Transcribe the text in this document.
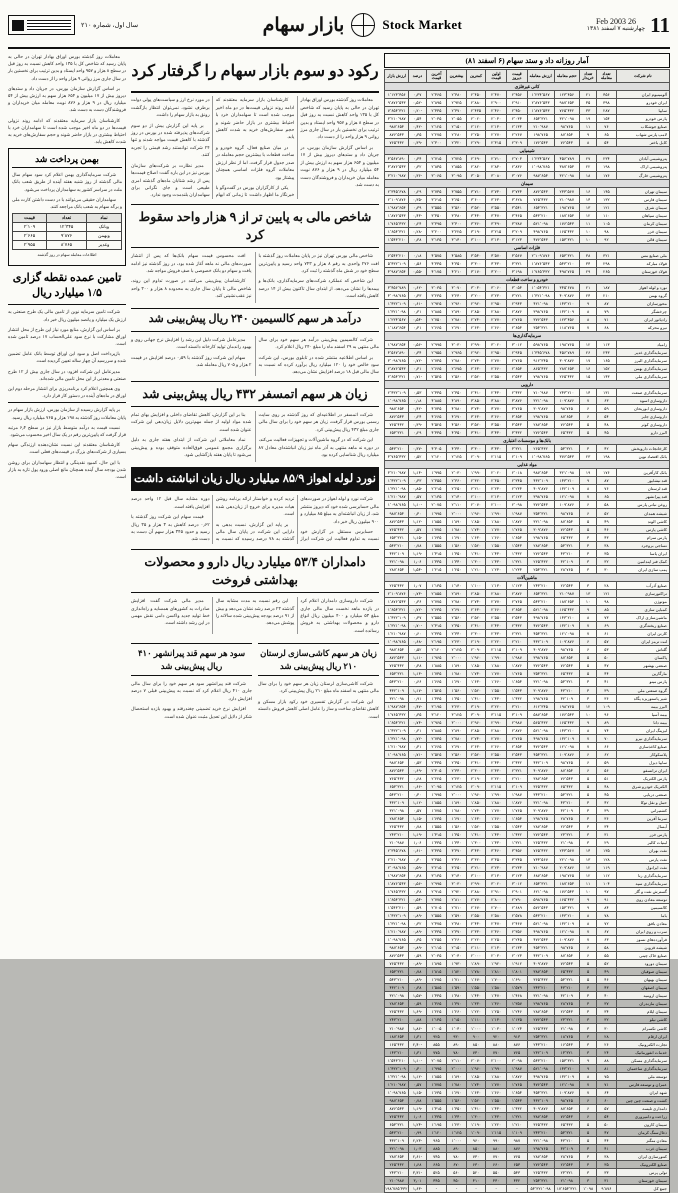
11
26 Feb 2003
چهارشنبه ۷ اسفند ۱۳۸۱
Stock Market
بازار سهام
سال اول، شماره ۲۱۰
آمار روزانه داد و ستد سهام (۶ اسفند ۸۱)
نام شرکت	تعداد معامله	تعداد خریدار	حجم معامله	ارزش معامله	قیمت دیروز	اولین قیمت	کمترین	بیشترین	آخرین قیمت	درصد	ارزش بازار
کانی غیرفلزی											
آلومینیوم ایران	۴۵۶	۲۱	۱۲۳٬۴۵۶	۱٬۲۳۴٬۵۶۷	۲٬۴۵۶	۲٬۴۷۰	۲٬۴۵۰	۲٬۴۸۰	۲٬۴۶۵	۰٫۳۷	۱٬۱۲۳٬۴۵۶
ایران خودرو	۳۹۸	۴۵	۹۸۷٬۶۵۴	۲٬۸۷۶٬۵۴۳	۲٬۹۱۰	۲٬۹۰۰	۲٬۸۸۰	۲٬۹۲۵	۲٬۸۹۵	-۰٫۵۲	۹٬۸۷۶٬۵۴۳
سایپا	۲۸۷	۳۳	۷۶۵٬۴۳۲	۱٬۸۷۶٬۵۴۳	۲٬۴۵۰	۲٬۴۶۰	۲٬۴۳۵	۲٬۴۷۰	۲٬۴۴۵	-۰٫۲۰	۷٬۶۵۴٬۳۲۱
پارس خودرو	۱۵۴	۱۹	۳۲۱٬۰۹۸	۶۵۴٬۳۲۱	۲٬۰۳۴	۲٬۰۴۰	۲٬۰۲۰	۲٬۰۵۵	۲٬۰۴۵	۰٫۵۴	۳٬۲۱۰٬۹۸۷
صنایع جوشکاب	۷۶	۱۱	۹۸٬۷۶۵	۲۱۰٬۹۸۷	۲٬۱۳۴	۲٬۱۴۰	۲٬۱۲۰	۲٬۱۵۰	۲٬۱۲۵	-۰٫۴۲	۹۸۷٬۶۵۴
لامپ پارس شهاب	۶۵	۹	۸۷٬۶۵۴	۱۹۸٬۷۶۵	۲٬۲۶۷	۲٬۲۷۰	۲٬۲۵۰	۲٬۲۸۰	۲٬۲۷۵	۰٫۳۵	۸۷۶٬۵۴۳
کابل باختر	۵۴	۸	۷۶٬۵۴۳	۱۷۶٬۵۴۳	۲٬۳۰۹	۲٬۳۱۵	۲٬۲۹۰	۲٬۳۲۰	۲٬۳۰۰	-۰٫۳۹	۷۶۵٬۴۳۲
شیمیایی											
پتروشیمی آبادان	۲۳۴	۲۷	۴۵۶٬۷۸۹	۱٬۲۳۴٬۵۶۷	۲٬۷۰۳	۲٬۷۱۰	۲٬۶۹۰	۲٬۷۲۵	۲٬۷۱۵	۰٫۴۴	۴٬۵۶۷٬۸۹۰
پتروشیمی اراک	۱۹۸	۲۲	۳۸۷٬۶۵۴	۱٬۰۹۸٬۷۶۵	۲٬۸۳۶	۲٬۸۴۰	۲٬۸۲۰	۲٬۸۵۵	۲٬۸۴۵	۰٫۳۲	۳٬۸۷۶٬۵۴۳
پتروشیمی خارگ	۱۷۶	۱۸	۳۲۱٬۰۹۸	۹۸۷٬۶۵۴	۳٬۰۷۶	۳٬۰۸۰	۳٬۰۵۰	۳٬۰۹۵	۳٬۰۶۵	-۰٫۳۶	۳٬۲۱۰٬۹۸۷
سیمان											
سیمان تهران	۱۴۵	۱۶	۲۳۴٬۵۶۷	۸۷۶٬۵۴۳	۳٬۷۳۴	۳٬۷۴۰	۳٬۷۱۰	۳٬۷۵۵	۳٬۷۴۵	۰٫۲۹	۲٬۳۴۵٬۶۷۸
سیمان فارس	۱۳۲	۱۴	۲۱۰٬۹۸۷	۷۶۵٬۴۳۲	۳٬۶۲۸	۳٬۶۳۰	۳٬۶۰۰	۳٬۶۵۰	۳٬۶۱۵	-۰٫۳۵	۲٬۱۰۹٬۸۷۶
سیمان شرق	۱۲۱	۱۳	۱۹۸٬۷۶۵	۶۵۴٬۳۲۱	۳٬۵۴۱	۳٬۵۵۰	۳٬۵۲۰	۳٬۵۶۰	۳٬۵۵۵	۰٫۳۹	۱٬۹۸۷٬۶۵۴
سیمان سپاهان	۱۱۰	۱۲	۱۸۷٬۶۵۴	۵۴۳٬۲۱۰	۳٬۴۶۵	۳٬۴۷۰	۳٬۴۴۰	۳٬۴۸۰	۳٬۴۵۰	-۰٫۴۳	۱٬۸۷۶٬۵۴۳
سیمان کرمان	۱۰۵	۱۱	۱۷۶٬۵۴۳	۵۲۱٬۰۹۸	۳٬۳۸۷	۳٬۳۹۰	۳٬۳۶۰	۳٬۴۰۰	۳٬۳۹۵	۰٫۲۴	۱٬۷۶۵٬۴۳۲
سیمان خزر	۹۸	۱۰	۱۶۵٬۴۳۲	۴۹۸٬۷۶۵	۳٬۲۰۹	۳٬۲۱۵	۳٬۱۹۰	۳٬۲۲۵	۳٬۲۰۰	-۰٫۲۸	۱٬۶۵۴٬۳۲۱
سیمان قائن	۹۲	۱۰	۱۵۴٬۳۲۱	۴۷۶٬۵۴۳	۳٬۱۲۳	۳٬۱۳۰	۳٬۱۰۰	۳٬۱۴۰	۳٬۱۳۵	۰٫۳۸	۱٬۵۴۳٬۲۱۰
فلزات اساسی											
ملی صنایع مس	۳۲۱	۳۸	۶۵۴٬۳۲۱	۲٬۱۰۹٬۸۷۶	۴٬۵۶۷	۴٬۵۷۰	۴٬۵۴۰	۴٬۵۸۵	۴٬۵۷۵	۰٫۱۸	۶٬۵۴۳٬۲۱۰
فولاد مبارکه	۲۹۸	۳۴	۵۴۳٬۲۱۰	۱٬۸۷۶٬۵۴۳	۴٬۳۲۱	۴٬۳۳۰	۴٬۳۰۰	۴٬۳۵۰	۴٬۳۴۵	۰٫۵۶	۵٬۴۳۲٬۱۰۹
فولاد خوزستان	۲۶۵	۲۹	۴۹۸٬۷۶۵	۱٬۷۶۵٬۴۳۲	۴٬۱۹۸	۴٬۲۰۰	۴٬۱۷۰	۴٬۲۱۰	۴٬۱۷۵	-۰٫۵۵	۴٬۹۸۷٬۶۵۴
خودرو و ساخت قطعات											
نورد و لوله اهواز	۱۸۷	۲۱	۳۴۵٬۶۷۸	۱٬۰۵۴٬۳۲۱	۳٬۰۵۴	۳٬۰۶۰	۳٬۰۳۰	۳٬۰۷۰	۳٬۰۳۵	-۰٫۶۲	۳٬۴۵۶٬۷۸۹
گروه بهمن	۲۱۰	۲۴	۴۰۹٬۸۷۶	۱٬۳۲۱٬۰۹۸	۳٬۲۲۱	۳٬۲۳۰	۳٬۲۰۰	۳٬۲۴۰	۳٬۲۳۵	۰٫۴۳	۴٬۰۹۸٬۷۶۵
محورسازان	۸۷	۹	۱۴۳٬۲۱۰	۴۲۱٬۰۹۸	۲٬۹۴۳	۲٬۹۵۰	۲٬۹۲۰	۲٬۹۶۰	۲٬۹۲۵	-۰٫۶۱	۱٬۴۳۲٬۱۰۹
چرخشگر	۷۹	۸	۱۳۲٬۱۰۹	۳۹۸٬۷۶۵	۲٬۸۷۶	۲٬۸۸۰	۲٬۸۵۰	۲٬۸۹۰	۲٬۸۸۵	۰٫۳۱	۱٬۳۲۱٬۰۹۸
رادیاتور ایران	۷۱	۸	۱۲۳٬۴۵۶	۳۷۶٬۵۴۳	۲٬۷۶۵	۲٬۷۷۰	۲٬۷۴۰	۲٬۷۸۰	۲٬۷۵۰	-۰٫۵۴	۱٬۲۳۴٬۵۶۷
نیرو محرکه	۶۸	۷	۱۱۸٬۷۶۵	۳۵۴٬۳۲۱	۲٬۶۵۴	۲٬۶۶۰	۲٬۶۳۰	۲٬۶۷۰	۲٬۶۶۵	۰٫۴۱	۱٬۱۸۷٬۶۵۴
سرمایه‌گذاری‌ها											
زامیاد	۱۱۳	۱۲	۱۹۸٬۷۶۵	۵۹۸٬۷۶۵	۳٬۰۱۲	۳٬۰۲۰	۲٬۹۹۰	۳٬۰۳۰	۲٬۹۹۵	-۰٫۵۶	۱٬۹۸۷٬۶۵۴
سرمایه‌گذاری غدیر	۲۴۳	۲۶	۴۵۶٬۷۸۹	۱٬۳۴۵٬۶۷۸	۲٬۹۴۵	۲٬۹۵۰	۲٬۹۲۰	۲٬۹۶۵	۲٬۹۵۵	۰٫۳۴	۴٬۵۶۷٬۸۹۰
سرمایه‌گذاری البرز	۱۶۵	۱۷	۳۰۹٬۸۷۶	۹۱۲٬۳۴۵	۲٬۷۶۵	۲٬۷۷۰	۲٬۷۴۰	۲٬۷۸۰	۲٬۷۴۵	-۰٫۷۲	۳٬۰۹۸٬۷۶۵
سرمایه‌گذاری بهمن	۱۵۲	۱۶	۲۸۷٬۶۵۴	۸۶۵٬۴۳۲	۲٬۶۵۴	۲٬۶۶۰	۲٬۶۳۰	۲٬۶۷۵	۲٬۶۶۵	۰٫۴۱	۲٬۸۷۶٬۵۴۳
سرمایه‌گذاری ملی	۱۴۳	۱۵	۲۶۵٬۴۳۲	۷۹۸٬۷۶۵	۲٬۵۴۳	۲٬۵۵۰	۲٬۵۲۰	۲٬۵۶۰	۲٬۵۲۵	-۰٫۷۱	۲٬۶۵۴٬۳۲۱
دارویی											
سرمایه‌گذاری صنعت	۱۳۱	۱۴	۲۴۳٬۲۱۰	۷۱۰٬۹۸۷	۲٬۴۳۲	۲٬۴۴۰	۲٬۴۱۰	۲٬۴۵۰	۲٬۴۴۵	۰٫۵۳	۲٬۴۳۲٬۱۰۹
داروسازی اسوه	۶۳	۷	۱۰۹٬۸۷۶	۳۲۱٬۰۹۸	۴٬۸۷۶	۴٬۸۸۰	۴٬۸۵۰	۴٬۸۹۰	۴٬۸۸۵	۰٫۱۸	۱٬۰۹۸٬۷۶۵
داروسازی ابوریحان	۵۹	۶	۹۸٬۷۶۵	۳۰۹٬۸۷۶	۴٬۷۶۵	۴٬۷۷۰	۴٬۷۴۰	۴٬۷۸۰	۴٬۷۴۵	-۰٫۴۲	۹۸۷٬۶۵۴
داروسازی جابر	۵۴	۶	۸۷٬۶۵۴	۲۹۸٬۷۶۵	۴٬۶۵۴	۴٬۶۶۰	۴٬۶۳۰	۴٬۶۷۰	۴٬۶۶۵	۰٫۲۴	۸۷۶٬۵۴۳
داروسازی کوثر	۴۸	۵	۷۶٬۵۴۳	۲۸۷٬۶۵۴	۴٬۵۴۳	۴٬۵۵۰	۴٬۵۲۰	۴٬۵۶۰	۴٬۵۲۵	-۰٫۳۹	۷۶۵٬۴۳۲
البرز دارو	۴۵	۵	۶۵٬۴۳۲	۲۷۶٬۵۴۳	۴٬۴۳۲	۴٬۴۴۰	۴٬۴۱۰	۴٬۴۵۰	۴٬۴۴۵	۰٫۲۹	۶۵۴٬۳۲۱
بانک‌ها و موسسات اعتباری											
کارخانجات داروپخش	۴۲	۴	۵۴٬۳۲۱	۲۶۵٬۴۳۲	۴٬۳۲۱	۴٬۳۳۰	۴٬۳۰۰	۴٬۳۴۰	۴٬۳۰۵	-۰٫۳۷	۵۴۳٬۲۱۰
بانک اقتصاد نوین	۱۹۸	۲۳	۳۷۶٬۵۴۳	۱٬۰۹۸٬۷۶۵	۲٬۱۰۹	۲٬۱۱۵	۲٬۰۹۰	۲٬۱۲۵	۲٬۱۲۰	۰٫۵۲	۳٬۷۶۵٬۴۳۲
مواد غذایی											
بانک کارآفرین	۱۷۶	۱۹	۳۲۱٬۰۹۸	۹۸۷٬۶۵۴	۲٬۰۱۸	۲٬۰۲۰	۱٬۹۹۰	۲٬۰۳۰	۱٬۹۹۵	-۱٫۱۴	۳٬۲۱۰٬۹۸۷
قند نیشابور	۸۷	۹	۱۴۳٬۲۱۰	۴۳۲٬۱۰۹	۲٬۳۴۵	۲٬۳۵۰	۲٬۳۲۰	۲٬۳۶۰	۲٬۳۵۵	۰٫۴۳	۱٬۴۳۲٬۱۰۹
قند لرستان	۷۶	۸	۱۳۲٬۱۰۹	۴۰۹٬۸۷۶	۲٬۲۳۴	۲٬۲۴۰	۲٬۲۱۰	۲٬۲۵۰	۲٬۲۱۵	-۰٫۸۵	۱٬۳۲۱٬۰۹۸
قند پیرانشهر	۶۵	۷	۱۲۱٬۰۹۸	۳۹۸٬۷۶۵	۲٬۱۲۳	۲٬۱۳۰	۲٬۱۰۰	۲٬۱۴۰	۲٬۱۳۵	۰٫۵۷	۱٬۲۱۰٬۹۸۷
روغن نباتی پارس	۵۸	۶	۱۰۹٬۸۷۶	۳۷۶٬۵۴۳	۲٬۰۹۸	۲٬۱۰۰	۲٬۰۷۰	۲٬۱۱۰	۲٬۰۷۵	-۱٫۱۰	۱٬۰۹۸٬۷۶۵
شیشه همدان	۵۲	۶	۹۸٬۷۶۵	۳۵۴٬۳۲۱	۱٬۹۸۷	۱٬۹۹۰	۱٬۹۶۰	۲٬۰۰۰	۱٬۹۹۵	۰٫۴۰	۹۸۷٬۶۵۴
کاشی الوند	۴۹	۵	۸۷٬۶۵۴	۳۲۱٬۰۹۸	۱٬۸۷۶	۱٬۸۸۰	۱٬۸۵۰	۱٬۸۹۰	۱٬۸۵۵	-۱٫۱۲	۸۷۶٬۵۴۳
کاشی پارس	۴۶	۵	۷۶٬۵۴۳	۳۰۹٬۸۷۶	۱٬۷۶۵	۱٬۷۷۰	۱٬۷۴۰	۱٬۷۸۰	۱٬۷۷۵	۰٫۵۷	۷۶۵٬۴۳۲
پارس سرام	۴۳	۴	۶۵٬۴۳۲	۲۹۸٬۷۶۵	۱٬۶۵۴	۱٬۶۶۰	۱٬۶۳۰	۱٬۶۷۰	۱٬۶۳۵	-۱٫۱۵	۶۵۴٬۳۲۱
نساجی بروجرد	۳۸	۴	۵۴٬۳۲۱	۲۸۷٬۶۵۴	۱٬۵۴۳	۱٬۵۵۰	۱٬۵۲۰	۱٬۵۶۰	۱٬۵۵۵	۰٫۷۸	۵۴۳٬۲۱۰
ایران یاسا	۳۵	۴	۴۳٬۲۱۰	۲۷۶٬۵۴۳	۱٬۴۳۲	۱٬۴۴۰	۱٬۴۱۰	۱٬۴۵۰	۱٬۴۱۵	-۱٫۱۹	۴۳۲٬۱۰۹
کمک فنر ایندامین	۳۲	۳	۳۲٬۱۰۹	۲۶۵٬۴۳۲	۱٬۳۲۱	۱٬۳۳۰	۱٬۳۰۰	۱٬۳۴۰	۱٬۳۳۵	۱٫۰۶	۳۲۱٬۰۹۸
پمپ سازی ایران	۳۰	۳	۲۸٬۷۶۵	۲۵۴٬۳۲۱	۱٬۲۳۴	۱٬۲۴۰	۱٬۲۱۰	۱٬۲۵۰	۱٬۲۱۵	-۱٫۵۴	۲۸۷٬۶۵۴
ماشین‌آلات											
صنایع آذرآب	۲۸	۳	۲۶٬۵۴۳	۲۴۳٬۲۱۰	۱٬۱۲۳	۱٬۱۳۰	۱٬۱۰۰	۱٬۱۴۰	۱٬۱۳۵	۱٫۰۷	۲۶۵٬۴۳۲
تراکتورسازی	۱۲۱	۱۳	۲۱۰٬۹۸۷	۶۵۴٬۳۲۱	۲٬۸۷۶	۲٬۸۸۰	۲٬۸۵۰	۲٬۸۹۰	۲٬۸۵۵	-۰٫۷۳	۲٬۱۰۹٬۸۷۶
موتوژن	۹۸	۱۰	۱۸۷٬۶۵۴	۵۴۳٬۲۱۰	۲٬۷۶۵	۲٬۷۷۰	۲٬۷۴۰	۲٬۷۸۰	۲٬۷۷۵	۰٫۳۶	۱٬۸۷۶٬۵۴۳
کمباین سازی	۸۵	۹	۱۶۵٬۴۳۲	۵۲۱٬۰۹۸	۲٬۶۵۴	۲٬۶۶۰	۲٬۶۳۰	۲٬۶۷۰	۲٬۶۳۵	-۰٫۷۲	۱٬۶۵۴٬۳۲۱
ماشین‌سازی اراک	۷۳	۸	۱۴۳٬۲۱۰	۴۹۸٬۷۶۵	۲٬۵۴۳	۲٬۵۵۰	۲٬۵۲۰	۲٬۵۶۰	۲٬۵۵۵	۰٫۴۷	۱٬۴۳۲٬۱۰۹
صنایع ریخته‌گری	۶۹	۷	۱۳۲٬۱۰۹	۴۷۶٬۵۴۳	۲٬۴۳۲	۲٬۴۴۰	۲٬۴۱۰	۲٬۴۵۰	۲٬۴۱۵	-۰٫۷۰	۱٬۳۲۱٬۰۹۸
کارتن ایران	۶۱	۷	۱۲۱٬۰۹۸	۴۵۴٬۳۲۱	۲٬۳۲۱	۲٬۳۳۰	۲٬۳۰۰	۲٬۳۴۰	۲٬۳۳۵	۰٫۶۰	۱٬۲۱۰٬۹۸۷
لنت ترمز ایران	۵۷	۶	۱۰۹٬۸۷۶	۴۳۲٬۱۰۹	۲٬۲۱۰	۲٬۲۲۰	۲٬۱۹۰	۲٬۲۳۰	۲٬۱۹۵	-۰٫۶۸	۱٬۰۹۸٬۷۶۵
گلتاش	۵۳	۶	۹۸٬۷۶۵	۴۰۹٬۸۷۶	۲٬۱۰۹	۲٬۱۱۵	۲٬۰۹۰	۲٬۱۲۵	۲٬۱۲۰	۰٫۵۲	۹۸۷٬۶۵۴
پاکسان	۵۰	۵	۸۷٬۶۵۴	۳۹۸٬۷۶۵	۱٬۹۸۷	۱٬۹۹۰	۱٬۹۶۰	۲٬۰۰۰	۱٬۹۶۵	-۱٫۱۱	۸۷۶٬۵۴۳
صنعتی بهشهر	۴۷	۵	۷۶٬۵۴۳	۳۷۶٬۵۴۳	۱٬۸۷۶	۱٬۸۸۰	۱٬۸۵۰	۱٬۸۹۰	۱٬۸۸۵	۰٫۴۸	۷۶۵٬۴۳۲
مارگارین	۴۴	۵	۶۵٬۴۳۲	۳۵۴٬۳۲۱	۱٬۷۶۵	۱٬۷۷۰	۱٬۷۴۰	۱٬۷۸۰	۱٬۷۴۵	-۱٫۱۳	۶۵۴٬۳۲۱
پارس مینو	۴۱	۴	۵۴٬۳۲۱	۳۲۱٬۰۹۸	۱٬۶۵۴	۱٬۶۶۰	۱٬۶۳۰	۱٬۶۷۰	۱٬۶۶۵	۰٫۶۶	۵۴۳٬۲۱۰
گروه صنعتی ملی	۳۹	۴	۴۳٬۲۱۰	۳۰۹٬۸۷۶	۱٬۵۴۳	۱٬۵۵۰	۱٬۵۲۰	۱٬۵۶۰	۱٬۵۲۵	-۱٫۱۷	۴۳۲٬۱۰۹
شیر پاستوریزه پگاه	۳۶	۴	۳۲٬۱۰۹	۲۹۸٬۷۶۵	۱٬۴۳۲	۱٬۴۴۰	۱٬۴۱۰	۱٬۴۵۰	۱٬۴۴۵	۰٫۹۱	۳۲۱٬۰۹۸
البرز بیمه	۱۰۹	۱۲	۱۹۸٬۷۶۵	۶۱۲٬۳۴۵	۳٬۲۱۰	۳٬۲۲۰	۳٬۱۹۰	۳٬۲۳۰	۳٬۱۹۵	-۰٫۴۷	۱٬۹۸۷٬۶۵۴
بیمه آسیا	۹۶	۱۰	۱۷۶٬۵۴۳	۵۸۷٬۶۵۴	۳٬۱۰۹	۳٬۱۱۵	۳٬۰۹۰	۳٬۱۲۵	۳٬۱۲۰	۰٫۳۵	۱٬۷۶۵٬۴۳۲
بیمه دانا	۸۹	۹	۱۶۵٬۴۳۲	۵۶۵٬۴۳۲	۲٬۹۸۷	۲٬۹۹۰	۲٬۹۶۰	۳٬۰۰۰	۲٬۹۶۵	-۰٫۷۴	۱٬۶۵۴٬۳۲۱
لیزینگ ایران	۷۴	۸	۱۴۳٬۲۱۰	۵۲۱٬۰۹۸	۲٬۸۷۶	۲٬۸۸۰	۲٬۸۵۰	۲٬۸۹۰	۲٬۸۸۵	۰٫۳۱	۱٬۴۳۲٬۱۰۹
سرمایه‌گذاری نیرو	۷۰	۷	۱۳۲٬۱۰۹	۴۹۸٬۷۶۵	۲٬۷۶۵	۲٬۷۷۰	۲٬۷۴۰	۲٬۷۸۰	۲٬۷۴۵	-۰٫۷۲	۱٬۳۲۱٬۰۹۸
صنایع کاغذسازی	۶۶	۷	۱۲۱٬۰۹۸	۴۷۶٬۵۴۳	۲٬۶۵۴	۲٬۶۶۰	۲٬۶۳۰	۲٬۶۷۰	۲٬۶۶۵	۰٫۴۱	۱٬۲۱۰٬۹۸۷
پلاسکوکار	۶۲	۶	۱۰۹٬۸۷۶	۴۵۴٬۳۲۱	۲٬۵۴۳	۲٬۵۵۰	۲٬۵۲۰	۲٬۵۶۰	۲٬۵۲۵	-۰٫۷۱	۱٬۰۹۸٬۷۶۵
سایپا دیزل	۵۹	۶	۹۸٬۷۶۵	۴۳۲٬۱۰۹	۲٬۴۳۲	۲٬۴۴۰	۲٬۴۱۰	۲٬۴۵۰	۲٬۴۴۵	۰٫۵۳	۹۸۷٬۶۵۴
ایران ترانسفو	۵۶	۶	۸۷٬۶۵۴	۴۰۹٬۸۷۶	۲٬۳۲۱	۲٬۳۳۰	۲٬۳۰۰	۲٬۳۴۰	۲٬۳۰۵	-۰٫۶۹	۸۷۶٬۵۴۳
پارس الکتریک	۵۱	۵	۷۶٬۵۴۳	۳۸۷٬۶۵۴	۲٬۲۱۰	۲٬۲۲۰	۲٬۱۹۰	۲٬۲۳۰	۲٬۲۲۵	۰٫۶۸	۷۶۵٬۴۳۲
الکتریک خودرو شرق	۴۸	۵	۶۵٬۴۳۲	۳۶۵٬۴۳۲	۲٬۱۰۹	۲٬۱۱۵	۲٬۰۹۰	۲٬۱۲۵	۲٬۰۹۵	-۰٫۶۶	۶۵۴٬۳۲۱
صنعتی دریایی	۴۵	۵	۵۴٬۳۲۱	۳۴۳٬۲۱۰	۱٬۹۸۷	۱٬۹۹۰	۱٬۹۶۰	۲٬۰۰۰	۱٬۹۹۵	۰٫۴۰	۵۴۳٬۲۱۰
حمل و نقل توکا	۴۲	۴	۴۳٬۲۱۰	۳۲۱٬۰۹۸	۱٬۸۷۶	۱٬۸۸۰	۱٬۸۵۰	۱٬۸۹۰	۱٬۸۵۵	-۱٫۱۲	۴۳۲٬۱۰۹
کشتیرانی	۳۹	۴	۳۲٬۱۰۹	۳۰۹٬۸۷۶	۱٬۷۶۵	۱٬۷۷۰	۱٬۷۴۰	۱٬۷۸۰	۱٬۷۷۵	۰٫۵۷	۳۲۱٬۰۹۸
سرما آفرین	۳۶	۴	۲۸٬۷۶۵	۲۹۸٬۷۶۵	۱٬۶۵۴	۱٬۶۶۰	۱٬۶۳۰	۱٬۶۷۰	۱٬۶۳۵	-۱٫۱۵	۲۸۷٬۶۵۴
آبسال	۳۴	۴	۲۶٬۵۴۳	۲۸۷٬۶۵۴	۱٬۵۴۳	۱٬۵۵۰	۱٬۵۲۰	۱٬۵۶۰	۱٬۵۵۵	۰٫۷۸	۲۶۵٬۴۳۲
پارس خزر	۳۱	۳	۲۴٬۳۲۱	۲۷۶٬۵۴۳	۱٬۴۳۲	۱٬۴۴۰	۱٬۴۱۰	۱٬۴۵۰	۱٬۴۱۵	-۱٫۱۹	۲۴۳٬۲۱۰
لبنیات کالبر	۲۹	۳	۲۱٬۰۹۸	۲۶۵٬۴۳۲	۱٬۳۲۱	۱٬۳۳۰	۱٬۳۰۰	۱٬۳۴۰	۱٬۳۳۵	۱٫۰۶	۲۱۰٬۹۸۷
نفت بهران	۱۳۵	۱۴	۲۳۴٬۵۶۷	۷۶۵٬۴۳۲	۳٬۴۵۶	۳٬۴۶۰	۳٬۴۳۰	۳٬۴۷۰	۳٬۴۳۵	-۰٫۶۱	۲٬۳۴۵٬۶۷۸
نفت پارس	۱۲۸	۱۳	۲۲۱٬۰۹۸	۷۳۴٬۵۶۷	۳٬۳۴۵	۳٬۳۵۰	۳٬۳۲۰	۳٬۳۶۰	۳٬۳۵۵	۰٫۳۰	۲٬۲۱۰٬۹۸۷
نفت ایرانول	۱۱۹	۱۲	۲۰۹٬۸۷۶	۷۱۰٬۹۸۷	۳٬۲۳۴	۳٬۲۴۰	۳٬۲۱۰	۳٬۲۵۰	۳٬۲۱۵	-۰٫۵۹	۲٬۰۹۸٬۷۶۵
سرمایه‌گذاری رنا	۱۱۲	۱۲	۱۹۸٬۷۶۵	۶۸۷٬۶۵۴	۳٬۱۲۳	۳٬۱۳۰	۳٬۱۰۰	۳٬۱۴۰	۳٬۱۳۵	۰٫۳۸	۱٬۹۸۷٬۶۵۴
سرمایه‌گذاری سپه	۱۰۴	۱۱	۱۸۷٬۶۵۴	۶۵۴٬۳۲۱	۳٬۰۱۲	۳٬۰۲۰	۲٬۹۹۰	۳٬۰۳۰	۲٬۹۹۵	-۰٫۵۶	۱٬۸۷۶٬۵۴۳
گسترش نفت و گاز	۹۷	۱۰	۱۷۶٬۵۴۳	۶۲۱٬۰۹۸	۲٬۹۰۱	۲٬۹۱۰	۲٬۸۸۰	۲٬۹۲۰	۲٬۹۱۵	۰٫۴۸	۱٬۷۶۵٬۴۳۲
توسعه معادن روی	۹۱	۹	۱۶۵٬۴۳۲	۵۹۸٬۷۶۵	۲٬۷۹۰	۲٬۸۰۰	۲٬۷۷۰	۲٬۸۱۰	۲٬۷۷۵	-۰٫۵۴	۱٬۶۵۴٬۳۲۱
کالسیمین	۸۴	۹	۱۵۴٬۳۲۱	۵۷۶٬۵۴۳	۲٬۶۸۹	۲٬۷۰۰	۲٬۶۷۰	۲٬۷۱۰	۲٬۷۰۵	۰٫۵۹	۱٬۵۴۳٬۲۱۰
باما	۷۸	۸	۱۴۳٬۲۱۰	۵۴۳٬۲۱۰	۲٬۵۷۸	۲٬۵۸۰	۲٬۵۵۰	۲٬۵۹۰	۲٬۵۵۵	-۰٫۸۹	۱٬۴۳۲٬۱۰۹
معادن بافق	۷۲	۸	۱۳۲٬۱۰۹	۵۲۱٬۰۹۸	۲٬۴۶۷	۲٬۴۷۰	۲٬۴۴۰	۲٬۴۸۰	۲٬۴۷۵	۰٫۳۲	۱٬۳۲۱٬۰۹۸
سرب و روی ایران	۶۷	۷	۱۲۱٬۰۹۸	۴۹۸٬۷۶۵	۲٬۳۵۶	۲٬۳۶۰	۲٬۳۳۰	۲٬۳۷۰	۲٬۳۳۵	-۰٫۸۹	۱٬۲۱۰٬۹۸۷
فرآورده‌های نسوز	۶۳	۷	۱۰۹٬۸۷۶	۴۷۶٬۵۴۳	۲٬۲۴۵	۲٬۲۵۰	۲٬۲۲۰	۲٬۲۶۰	۲٬۲۵۵	۰٫۴۵	۱٬۰۹۸٬۷۶۵
شیشه قزوین	۵۸	۶	۹۸٬۷۶۵	۴۵۴٬۳۲۱	۲٬۱۳۴	۲٬۱۴۰	۲٬۱۱۰	۲٬۱۵۰	۲٬۱۱۵	-۰٫۸۹	۹۸۷٬۶۵۴
صنایع خاک چینی	۵۵	۶	۸۷٬۶۵۴	۴۳۲٬۱۰۹	۲٬۰۲۳	۲٬۰۳۰	۲٬۰۰۰	۲٬۰۴۰	۲٬۰۳۵	۰٫۵۹	۸۷۶٬۵۴۳
سیمان دورود	۵۲	۵	۷۶٬۵۴۳	۴۰۹٬۸۷۶	۱٬۹۱۲	۱٬۹۲۰	۱٬۸۹۰	۱٬۹۳۰	۱٬۸۹۵	-۰٫۸۹	۷۶۵٬۴۳۲
سیمان صوفیان	۴۹	۵	۶۵٬۴۳۲	۳۸۷٬۶۵۴	۱٬۸۰۱	۱٬۸۱۰	۱٬۷۸۰	۱٬۸۲۰	۱٬۸۱۵	۰٫۷۸	۶۵۴٬۳۲۱
سیمان بهبهان	۴۶	۵	۵۴٬۳۲۱	۳۶۵٬۴۳۲	۱٬۶۹۰	۱٬۷۰۰	۱٬۶۷۰	۱٬۷۱۰	۱٬۶۷۵	-۰٫۸۹	۵۴۳٬۲۱۰
سیمان اصفهان	۴۳	۴	۴۳٬۲۱۰	۳۴۳٬۲۱۰	۱٬۵۷۹	۱٬۵۸۰	۱٬۵۵۰	۱٬۵۹۰	۱٬۵۸۵	۰٫۳۸	۴۳۲٬۱۰۹
سیمان ارومیه	۴۰	۴	۳۲٬۱۰۹	۳۲۱٬۰۹۸	۱٬۴۶۸	۱٬۴۷۰	۱٬۴۴۰	۱٬۴۸۰	۱٬۴۴۵	-۱٫۵۷	۳۲۱٬۰۹۸
سیمان مازندران	۳۷	۴	۲۸٬۷۶۵	۲۹۸٬۷۶۵	۱٬۳۵۷	۱٬۳۶۰	۱٬۳۳۰	۱٬۳۷۰	۱٬۳۶۵	۰٫۵۹	۲۸۷٬۶۵۴
سیمان ایلام	۳۴	۴	۲۶٬۵۴۳	۲۸۷٬۶۵۴	۱٬۲۴۶	۱٬۲۵۰	۱٬۲۲۰	۱٬۲۶۰	۱٬۲۲۵	-۱٫۶۹	۲۶۵٬۴۳۲
کاشی نیلو	۳۲	۳	۲۴٬۳۲۱	۲۷۶٬۵۴۳	۱٬۱۳۵	۱٬۱۴۰	۱٬۱۱۰	۱٬۱۵۰	۱٬۱۴۵	۰٫۸۸	۲۴۳٬۲۱۰
کاشی تکسرام	۳۰	۳	۲۱٬۰۹۸	۲۶۵٬۴۳۲	۱٬۰۲۴	۱٬۰۳۰	۱٬۰۰۰	۱٬۰۴۰	۱٬۰۰۵	-۱٫۸۶	۲۱۰٬۹۸۷
ایران ارقام	۲۸	۳	۱۸٬۷۶۵	۲۵۴٬۳۲۱	۹۱۳	۹۲۰	۹۰۰	۹۳۰	۹۲۵	۱٫۳۱	۱۸۷٬۶۵۴
تجارت الکترونیک	۲۶	۳	۱۶٬۵۴۳	۲۴۳٬۲۱۰	۸۷۶	۸۸۰	۸۵۰	۸۹۰	۸۵۵	-۲٫۴۰	۱۶۵٬۴۳۲
خدمات انفورماتیک	۲۴	۳	۱۴٬۳۲۱	۲۳۲٬۱۰۹	۷۶۵	۷۷۰	۷۴۰	۷۸۰	۷۷۵	۱٫۳۱	۱۴۳٬۲۱۰
سرمایه‌گذاری مسکن	۸۸	۹	۱۵۴٬۳۲۱	۵۴۳٬۲۱۰	۲٬۰۹۸	۲٬۱۰۰	۲٬۰۷۰	۲٬۱۱۰	۲٬۰۷۵	-۱٫۱۰	۱٬۵۴۳٬۲۱۰
سرمایه‌گذاری ساختمان	۸۱	۹	۱۴۳٬۲۱۰	۵۲۱٬۰۹۸	۱٬۹۸۷	۱٬۹۹۰	۱٬۹۶۰	۲٬۰۰۰	۱٬۹۹۵	۰٫۴۰	۱٬۴۳۲٬۱۰۹
توسعه ملی	۷۵	۸	۱۳۲٬۱۰۹	۴۹۸٬۷۶۵	۱٬۸۷۶	۱٬۸۸۰	۱٬۸۵۰	۱٬۸۹۰	۱٬۸۵۵	-۱٫۱۲	۱٬۳۲۱٬۰۹۸
عمران و توسعه فارس	۷۱	۷	۱۲۱٬۰۹۸	۴۷۶٬۵۴۳	۱٬۷۶۵	۱٬۷۷۰	۱٬۷۴۰	۱٬۷۸۰	۱٬۷۷۵	۰٫۵۷	۱٬۲۱۰٬۹۸۷
شهد ایران	۶۴	۷	۱۰۹٬۸۷۶	۴۵۴٬۳۲۱	۱٬۶۵۴	۱٬۶۶۰	۱٬۶۳۰	۱٬۶۷۰	۱٬۶۳۵	-۱٫۱۵	۱٬۰۹۸٬۷۶۵
کشت و صنعت چین چین	۶۰	۶	۹۸٬۷۶۵	۴۳۲٬۱۰۹	۱٬۵۴۳	۱٬۵۵۰	۱٬۵۲۰	۱٬۵۶۰	۱٬۵۵۵	۰٫۷۸	۹۸۷٬۶۵۴
دامداری تلیسه	۵۷	۶	۸۷٬۶۵۴	۴۰۹٬۸۷۶	۱٬۴۳۲	۱٬۴۴۰	۱٬۴۱۰	۱٬۴۵۰	۱٬۴۱۵	-۱٫۱۹	۸۷۶٬۵۴۳
زراعت و دامپروری	۵۴	۶	۷۶٬۵۴۳	۳۸۷٬۶۵۴	۱٬۳۲۱	۱٬۳۳۰	۱٬۳۰۰	۱٬۳۴۰	۱٬۳۳۵	۱٫۰۶	۷۶۵٬۴۳۲
سیمان کارون	۵۰	۵	۶۵٬۴۳۲	۳۶۵٬۴۳۲	۱٬۲۱۰	۱٬۲۲۰	۱٬۱۹۰	۱٬۲۳۰	۱٬۱۹۵	-۱٫۲۴	۶۵۴٬۳۲۱
ذغال‌سنگ کرمان	۴۷	۵	۵۴٬۳۲۱	۳۴۳٬۲۱۰	۱٬۱۰۹	۱٬۱۱۵	۱٬۰۹۰	۱٬۱۲۵	۱٬۱۲۰	۰٫۹۹	۵۴۳٬۲۱۰
معادن منگنز	۴۴	۵	۴۳٬۲۱۰	۳۲۱٬۰۹۸	۹۸۷	۹۹۰	۹۶۰	۱٬۰۰۰	۹۶۵	-۲٫۲۳	۴۳۲٬۱۰۹
سیمان غرب	۴۱	۴	۳۲٬۱۰۹	۲۹۸٬۷۶۵	۸۷۶	۸۸۰	۸۵۰	۸۹۰	۸۸۵	۱٫۰۳	۳۲۱٬۰۹۸
کنتورسازی ایران	۳۸	۴	۲۸٬۷۶۵	۲۸۷٬۶۵۴	۷۶۵	۷۷۰	۷۴۰	۷۸۰	۷۴۵	-۲٫۶۱	۲۸۷٬۶۵۴
صنایع الکترونیک	۳۵	۴	۲۶٬۵۴۳	۲۷۶٬۵۴۳	۶۵۴	۶۶۰	۶۳۰	۶۷۰	۶۶۵	۱٫۶۸	۲۶۵٬۴۳۲
تولی پرس	۳۳	۳	۲۴٬۳۲۱	۲۶۵٬۴۳۲	۵۴۳	۵۵۰	۵۲۰	۵۶۰	۵۲۵	-۳٫۳۱	۲۴۳٬۲۱۰
سیمان خوزستان	۳۱	۳	۲۱٬۰۹۸	۲۵۴٬۳۲۱	۴۳۲	۴۴۰	۴۱۰	۴۵۰	۴۴۵	۳٫۰۱	۲۱۰٬۹۸۷
جمع کل	۹٬۸۷۶	۱٬۰۹۸	۱۷٬۶۵۴٬۳۲۱	۵۴٬۳۲۱٬۰۹۸	-	-	-	-	-	-۱٫۶۳	۱۹۸٬۷۶۵٬۴۳۲
رکود دو سوم بازار سهام را گرفتار کرد

معاملات روز گذشته بورس اوراق بهادار تهران در حالی به پایان رسید که شاخص کل با ۱۳۵ واحد کاهش نسبت به روز قبل در سطح ۸ هزار و ۹۵۷ واحد ایستاد و بدین ترتیب برای نخستین بار در سال جاری مرز روانی ۹ هزار واحد را از دست داد.

بر اساس گزارش سازمان بورس، در جریان داد و ستدهای دیروز بیش از ۱۷ میلیون و ۶۵۴ هزار سهم به ارزش بیش از ۵۴ میلیارد ریال در ۹ هزار و ۸۷۶ نوبت معامله میان خریداران و فروشندگان دست به دست شد.

کارشناسان بازار سرمایه معتقدند که ادامه روند نزولی قیمت‌ها در دو ماه اخیر موجب شده است تا سهامداران خرد با احتیاط بیشتری در بازار حاضر شوند و حجم سفارش‌های خرید به شدت کاهش یابد.

در میان صنایع فعال، گروه خودرو و ساخت قطعات با بیشترین حجم معامله در صدر جدول قرار گرفت، اما از نظر ارزش معاملات گروه فلزات اساسی همچنان پیشتاز بود.

یکی از کارگزاران بورس در گفت‌وگو با خبرنگار ما اظهار داشت: تا زمانی که ابهام در مورد نرخ ارز و سیاست‌های پولی دولت برطرف نشود، نمی‌توان انتظار بازگشت رونق به بازار سهام را داشت.

بر پایه این گزارش بیش از دو سوم شرکت‌های پذیرفته شده در بورس در روز گذشته با کاهش قیمت مواجه شدند و تنها ۲۴ شرکت توانستند رشد قیمتی را تجربه کنند.

مدیر نظارت بر شرکت‌های سازمان بورس نیز در این باره گفت: اصلاح قیمت‌ها پس از رشد شتابان ماه‌های گذشته امری طبیعی است و جای نگرانی برای سهامداران بلندمدت وجود ندارد.

شاخص مالی به پایین تر از ۹ هزار واحد سقوط کرد

شاخص مالی بورس تهران نیز در پایان معاملات روز گذشته با افت ۲۷۶ واحدی به رقم ۸ هزار و ۷۴۳ واحد رسید و پایین‌ترین سطح خود در شش ماه گذشته را ثبت کرد.

این شاخص که عملکرد شرکت‌های سرمایه‌گذاری، بانک‌ها و بیمه‌ها را نشان می‌دهد، از ابتدای سال تاکنون بیش از ۱۴ درصد کاهش یافته است.

افت محسوس قیمت سهام بانک‌ها که پس از انتشار صورت‌های مالی نه ماهه آغاز شده بود، در روز گذشته نیز ادامه یافت و سهام دو بانک خصوصی با صف فروش مواجه شد.

کارشناسان پیش‌بینی می‌کنند در صورت تداوم این روند، شاخص مالی تا پایان سال جاری به محدوده ۸ هزار و ۳۰۰ واحد نیز عقب‌نشینی کند.

درآمد هر سهم کالسیمین ۲۴۰ ریال پیش‌بینی شد

شرکت کالسیمین پیش‌بینی درآمد هر سهم خود برای سال مالی منتهی به ۲۹ اسفند ماه را مبلغ ۲۴۰ ریال اعلام کرد.

بر اساس اطلاعیه منتشر شده در تابلوی بورس، این شرکت سود خالص خود را ۱۲۰ میلیارد ریال برآورد کرده که نسبت به سال مالی قبل ۱۸ درصد افزایش نشان می‌دهد.

مدیرعامل شرکت دلیل این رشد را افزایش نرخ جهانی روی و بهبود راندمان تولید کارخانه دانسته است.

سهام این شرکت روز گذشته با ۰٫۵۹ درصد افزایش در قیمت ۲ هزار و ۷۰۵ ریال معامله شد.

زیان هر سهم اتمسفر ۴۳۲ ریال پیش‌بینی شد

شرکت اتمسفر در اطلاعیه‌ای که روز گذشته بر روی سایت رسمی بورس قرار گرفت، زیان هر سهم خود را برای سال مالی جاری مبلغ ۴۳۲ ریال پیش‌بینی کرد.

این شرکت که در گروه ماشین‌آلات و تجهیزات فعالیت می‌کند، در دوره نه ماهه منتهی به آذر ماه نیز زیان انباشته‌ای معادل ۸۷ میلیارد ریال شناسایی کرده بود.

بنا بر این گزارش، کاهش تقاضای داخلی و افزایش بهای تمام شده مواد اولیه از جمله مهم‌ترین دلایل زیان‌دهی این شرکت عنوان شده است.

نماد معاملاتی این شرکت از ابتدای هفته جاری به دلیل برگزاری مجمع عمومی فوق‌العاده متوقف بوده و پیش‌بینی می‌شود تا پایان هفته بازگشایی شود.

نورد لوله اهواز ۸۵/۹ میلیارد ریال زیان انباشته داشت

شرکت نورد و لوله اهواز در صورت‌های مالی حسابرسی شده خود که دیروز منتشر شد، از زیان انباشته‌ای به مبلغ ۸۵ میلیارد و ۹۰۰ میلیون ریال خبر داد.

حسابرس مستقل در گزارش خود نسبت به تداوم فعالیت این شرکت ابراز تردید کرده و خواستار ارائه برنامه روشن هیات مدیره برای خروج از زیان‌دهی شده است.

بر پایه این گزارش، نسبت بدهی به دارایی این شرکت در پایان سال مالی گذشته به ۷۸ درصد رسیده که نسبت به دوره مشابه سال قبل ۱۲ واحد درصد افزایش یافته است.

قیمت سهام این شرکت روز گذشته با ۰٫۶۲ درصد کاهش به ۳ هزار و ۳۵ ریال رسید و حدود ۳۴۵ هزار سهم آن دست به دست شد.

دامداران ۵۳/۴ میلیارد ریال دارو و محصولات بهداشتی فروخت

شرکت داروسازی دامداران اعلام کرد در یازده ماهه نخست سال مالی جاری مبلغ ۵۳ میلیارد و ۴۰۰ میلیون ریال انواع دارو و محصولات بهداشتی به فروش رسانده است.

این رقم نسبت به مدت مشابه سال گذشته ۲۳ درصد رشد نشان می‌دهد و بیش از ۹۱ درصد بودجه پیش‌بینی شده سالانه را پوشش می‌دهد.

مدیر مالی شرکت گفت: افزایش صادرات به کشورهای همسایه و راه‌اندازی خط تولید جدید واکسن دامی نقش مهمی در این رشد داشته است.

زیان هر سهم کاشی‌سازی لرستان ۲۱۰ ریال پیش‌بینی شد

شرکت کاشی‌سازی لرستان زیان هر سهم خود را برای سال مالی منتهی به اسفند ماه مبلغ ۲۱۰ ریال پیش‌بینی کرد.

این شرکت در گزارش تفسیری خود رکود بازار مسکن و کاهش تقاضای ساخت و ساز را عامل اصلی کاهش فروش دانسته است.

سود هر سهم قند پیرانشهر ۴۱۰ ریال پیش‌بینی شد

شرکت قند پیرانشهر سود هر سهم خود را برای سال مالی جاری ۴۱۰ ریال اعلام کرد که نسبت به پیش‌بینی قبلی ۷ درصد افزایش دارد.

افزایش نرخ خرید تضمینی چغندرقند و بهبود بازده استحصال شکر از دلایل این تعدیل مثبت عنوان شده است.

معاملات روز گذشته بورس اوراق بهادار تهران در حالی به پایان رسید که شاخص کل با ۱۳۵ واحد کاهش نسبت به روز قبل در سطح ۸ هزار و ۹۵۷ واحد ایستاد و بدین ترتیب برای نخستین بار در سال جاری مرز روانی ۹ هزار واحد را از دست داد.

بر اساس گزارش سازمان بورس، در جریان داد و ستدهای دیروز بیش از ۱۷ میلیون و ۶۵۴ هزار سهم به ارزش بیش از ۵۴ میلیارد ریال در ۹ هزار و ۸۷۶ نوبت معامله میان خریداران و فروشندگان دست به دست شد.

کارشناسان بازار سرمایه معتقدند که ادامه روند نزولی قیمت‌ها در دو ماه اخیر موجب شده است تا سهامداران خرد با احتیاط بیشتری در بازار حاضر شوند و حجم سفارش‌های خرید به شدت کاهش یابد.

بهمن پرداخت شد

شرکت سرمایه‌گذاری بهمن اعلام کرد سود سهام سال مالی گذشته از روز شنبه هفته آینده از طریق شعب بانک ملت در سراسر کشور به سهامداران پرداخت می‌شود.

سهامداران حقیقی می‌توانند با در دست داشتن کارت ملی و برگه سهام به شعب بانک مراجعه کنند.

نماد	تعداد	قیمت
وبانک	۱۲٬۳۴۵	۲٬۱۰۹
وبهمن	۹٬۸۷۶	۲٬۶۶۵
وغدیر	۸٬۷۶۵	۲٬۹۵۵

اطلاعات معامله سهام در روز گذشته

تامین عمده نقطه گزاری ۱/۵ میلیارد ریال

شرکت تامین سرمایه نوین از تامین مالی یک طرح صنعتی به ارزش یک میلیارد و پانصد میلیون ریال خبر داد.

بر اساس این گزارش، منابع مورد نیاز این طرح از محل انتشار اوراق مشارکت با نرخ سود علی‌الحساب ۱۷ درصد تامین شده است.

بازپرداخت اصل و سود این اوراق توسط بانک عامل تضمین شده و سررسید آن چهار ساله تعیین گردیده است.

مدیرعامل این شرکت افزود: در سال جاری بیش از ۱۲ طرح صنعتی و معدنی از این محل تامین مالی شده‌اند.

وی همچنین اعلام کرد برنامه‌ریزی برای انتشار مرحله دوم این اوراق در ماه‌های آینده در دستور کار قرار دارد.

بر پایه گزارش رسیده از سازمان بورس، ارزش بازار سهام در پایان معاملات روز گذشته به ۱۹۸ هزار و ۷۶۵ میلیارد ریال رسید.

نسبت قیمت به درآمد متوسط بازار نیز در سطح ۶٫۴ مرتبه قرار گرفت که پایین‌ترین رقم در یک سال اخیر محسوب می‌شود.

کارشناسان معتقدند این نسبت نشان‌دهنده ارزندگی سهام بسیاری از شرکت‌های بزرگ در قیمت‌های فعلی است.

با این حال، کمبود نقدینگی و انتظار سهامداران برای روشن شدن بودجه سال آینده همچنان مانع اصلی ورود پول تازه به بازار است.
